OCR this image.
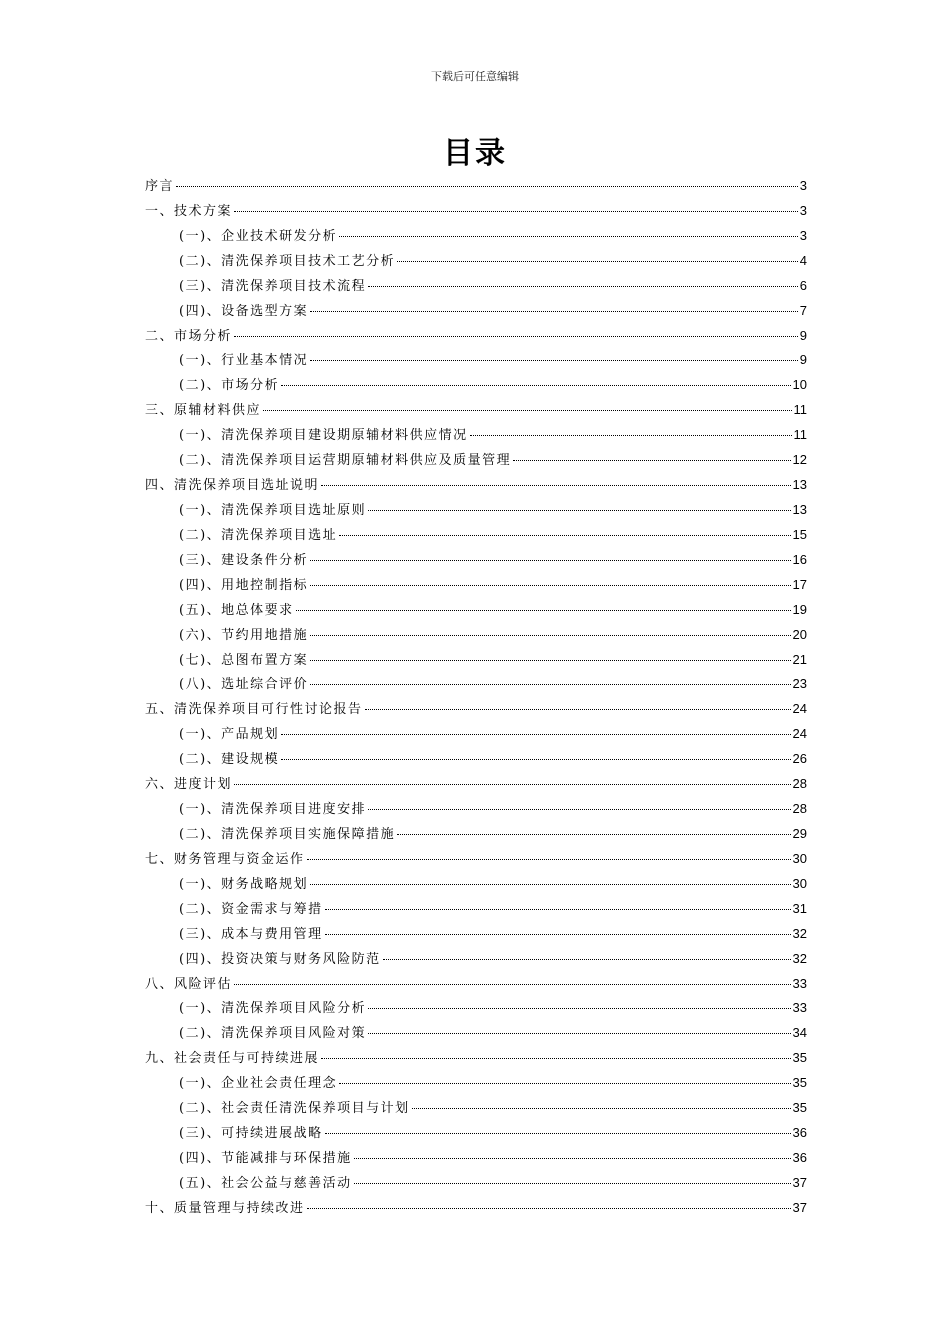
下载后可任意编辑
目录
序言	3
一、技术方案	3
(一)、企业技术研发分析	3
(二)、清洗保养项目技术工艺分析	4
(三)、清洗保养项目技术流程	6
(四)、设备选型方案	7
二、市场分析	9
(一)、行业基本情况	9
(二)、市场分析	10
三、原辅材料供应	11
(一)、清洗保养项目建设期原辅材料供应情况	11
(二)、清洗保养项目运营期原辅材料供应及质量管理	12
四、清洗保养项目选址说明	13
(一)、清洗保养项目选址原则	13
(二)、清洗保养项目选址	15
(三)、建设条件分析	16
(四)、用地控制指标	17
(五)、地总体要求	19
(六)、节约用地措施	20
(七)、总图布置方案	21
(八)、选址综合评价	23
五、清洗保养项目可行性讨论报告	24
(一)、产品规划	24
(二)、建设规模	26
六、进度计划	28
(一)、清洗保养项目进度安排	28
(二)、清洗保养项目实施保障措施	29
七、财务管理与资金运作	30
(一)、财务战略规划	30
(二)、资金需求与筹措	31
(三)、成本与费用管理	32
(四)、投资决策与财务风险防范	32
八、风险评估	33
(一)、清洗保养项目风险分析	33
(二)、清洗保养项目风险对策	34
九、社会责任与可持续进展	35
(一)、企业社会责任理念	35
(二)、社会责任清洗保养项目与计划	35
(三)、可持续进展战略	36
(四)、节能减排与环保措施	36
(五)、社会公益与慈善活动	37
十、质量管理与持续改进	37
